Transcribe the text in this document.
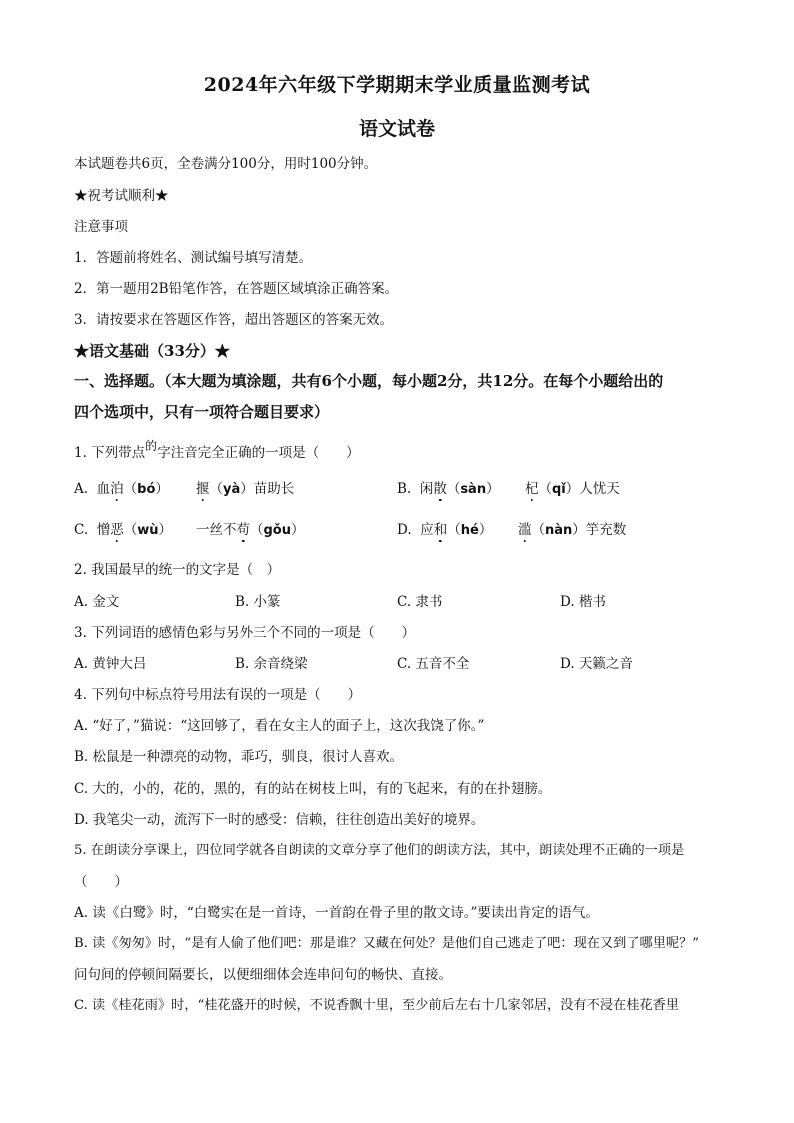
2024年六年级下学期期末学业质量监测考试
语文试卷
本试题卷共6页，全卷满分100分，用时100分钟。
★祝考试顺利★
注意事项
1．答题前将姓名、测试编号填写清楚。
2．第一题用2B铅笔作答，在答题区域填涂正确答案。
3．请按要求在答题区作答，超出答题区的答案无效。
★语文基础（33分）★
一、选择题。（本大题为填涂题，共有6个小题，每小题2分，共12分。在每个小题给出的
四个选项中，只有一项符合题目要求）
1. 下列带点的字注音完全正确的一项是（　　）
A. 血泊（bó） 揠（yà）苗助长	B. 闲散（sàn） 杞（qǐ）人忧天
C. 憎恶（wù） 一丝不苟（gǒu）	D. 应和（hé） 滥（nàn）竽充数
2. 我国最早的统一的文字是（　）
A. 金文	B. 小篆	C. 隶书	D. 楷书
3. 下列词语的感情色彩与另外三个不同的一项是（　　）
A. 黄钟大吕	B. 余音绕梁	C. 五音不全	D. 天籁之音
4. 下列句中标点符号用法有误的一项是（　　）
A. “好了，”猫说：“这回够了，看在女主人的面子上，这次我饶了你。”
B. 松鼠是一种漂亮的动物，乖巧，驯良，很讨人喜欢。
C. 大的，小的，花的，黑的，有的站在树枝上叫，有的飞起来，有的在扑翅膀。
D. 我笔尖一动，流泻下一时的感受：信赖，往往创造出美好的境界。
5. 在朗读分享课上，四位同学就各自朗读的文章分享了他们的朗读方法，其中，朗读处理不正确的一项是
（　　）
A. 读《白鹭》时，“白鹭实在是一首诗，一首韵在骨子里的散文诗。”要读出肯定的语气。
B. 读《匆匆》时，“是有人偷了他们吧：那是谁？又藏在何处？是他们自己逃走了吧：现在又到了哪里呢？”
问句间的停顿间隔要长，以便细细体会连串问句的畅快、直接。
C. 读《桂花雨》时，“桂花盛开的时候，不说香飘十里，至少前后左右十几家邻居，没有不浸在桂花香里
